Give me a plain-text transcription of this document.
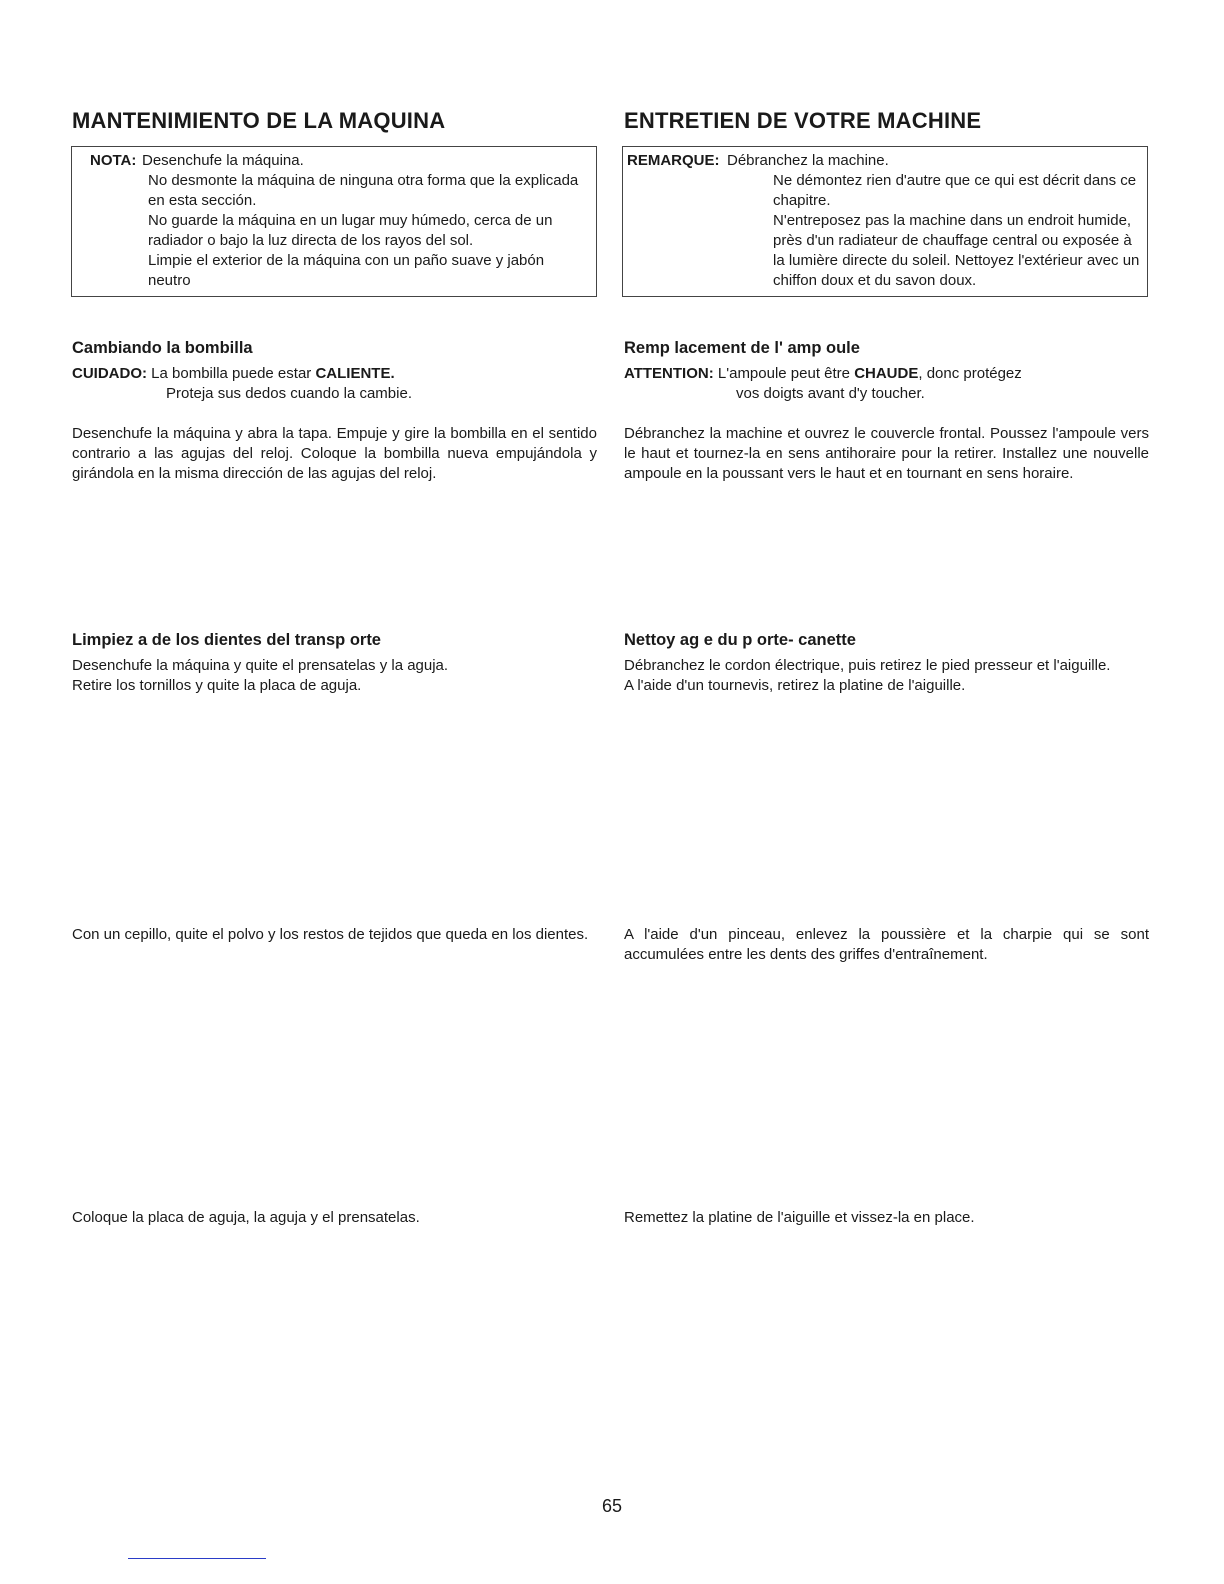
MANTENIMIENTO DE LA MAQUINA
NOTA: Desenchufe la máquina.
No desmonte la máquina de ninguna otra forma que la explicada en esta sección.
No guarde la máquina en un lugar muy húmedo, cerca de un radiador o bajo la luz directa de los rayos del sol.
Limpie el exterior de la máquina con un paño suave y jabón neutro
Cambiando la bombilla
CUIDADO: La bombilla puede estar CALIENTE.
Proteja sus dedos cuando la cambie.
Desenchufe la máquina y abra la tapa. Empuje y gire la bombilla en el sentido contrario a las agujas del reloj. Coloque la bombilla nueva empujándola y girándola en la misma dirección de las agujas del reloj.
Limpiez a de los dientes del transp orte
Desenchufe la máquina y quite el prensatelas y la aguja.
Retire los tornillos y quite la placa de aguja.
Con un cepillo, quite el polvo y los restos de tejidos que queda en los dientes.
Coloque la placa de aguja, la aguja y el prensatelas.
ENTRETIEN DE VOTRE MACHINE
REMARQUE: Débranchez la machine.
Ne démontez rien d'autre que ce qui est décrit dans ce chapitre.
N'entreposez pas la machine dans un endroit humide, près d'un radiateur de chauffage central ou exposée à la lumière directe du soleil. Nettoyez l'extérieur avec un chiffon doux et du savon doux.
Remp lacement de l' amp oule
ATTENTION: L'ampoule peut être CHAUDE, donc protégez
vos doigts avant d'y toucher.
Débranchez la machine et ouvrez le couvercle frontal. Poussez l'ampoule vers le haut et tournez-la en sens antihoraire pour la retirer. Installez une nouvelle ampoule en la poussant vers le haut et en tournant en sens horaire.
Nettoy ag e du p orte- canette
Débranchez le cordon électrique, puis retirez le pied presseur et l'aiguille.
A l'aide d'un tournevis, retirez la platine de l'aiguille.
A l'aide d'un pinceau, enlevez la poussière et la charpie qui se sont accumulées entre les dents des griffes d'entraînement.
Remettez la platine de l'aiguille et vissez-la en place.
65
